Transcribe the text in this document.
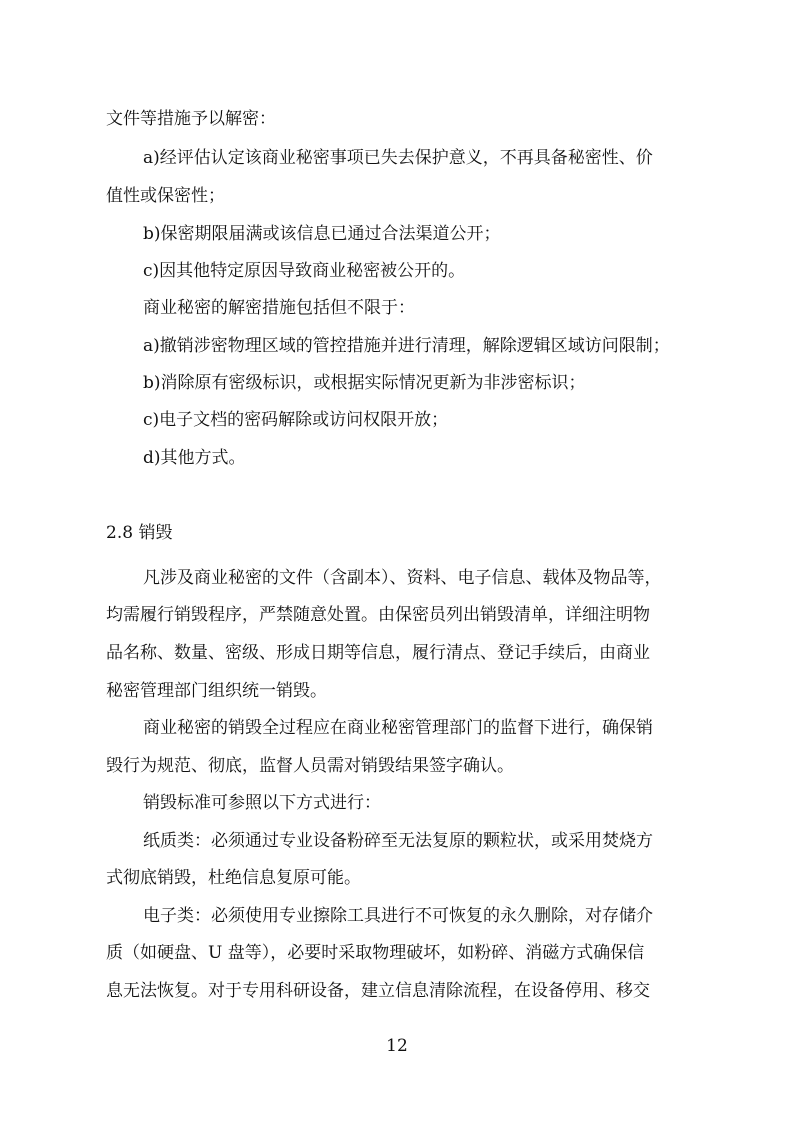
文件等措施予以解密：
a)经评估认定该商业秘密事项已失去保护意义，不再具备秘密性、价
值性或保密性；
b)保密期限届满或该信息已通过合法渠道公开；
c)因其他特定原因导致商业秘密被公开的。
商业秘密的解密措施包括但不限于：
a)撤销涉密物理区域的管控措施并进行清理，解除逻辑区域访问限制；
b)消除原有密级标识，或根据实际情况更新为非涉密标识；
c)电子文档的密码解除或访问权限开放；
d)其他方式。
2.8 销毁
凡涉及商业秘密的文件（含副本）、资料、电子信息、载体及物品等，
均需履行销毁程序，严禁随意处置。由保密员列出销毁清单，详细注明物
品名称、数量、密级、形成日期等信息，履行清点、登记手续后，由商业
秘密管理部门组织统一销毁。
商业秘密的销毁全过程应在商业秘密管理部门的监督下进行，确保销
毁行为规范、彻底，监督人员需对销毁结果签字确认。
销毁标准可参照以下方式进行：
纸质类：必须通过专业设备粉碎至无法复原的颗粒状，或采用焚烧方
式彻底销毁，杜绝信息复原可能。
电子类：必须使用专业擦除工具进行不可恢复的永久删除，对存储介
质（如硬盘、U 盘等），必要时采取物理破坏，如粉碎、消磁方式确保信
息无法恢复。对于专用科研设备，建立信息清除流程，在设备停用、移交
12
